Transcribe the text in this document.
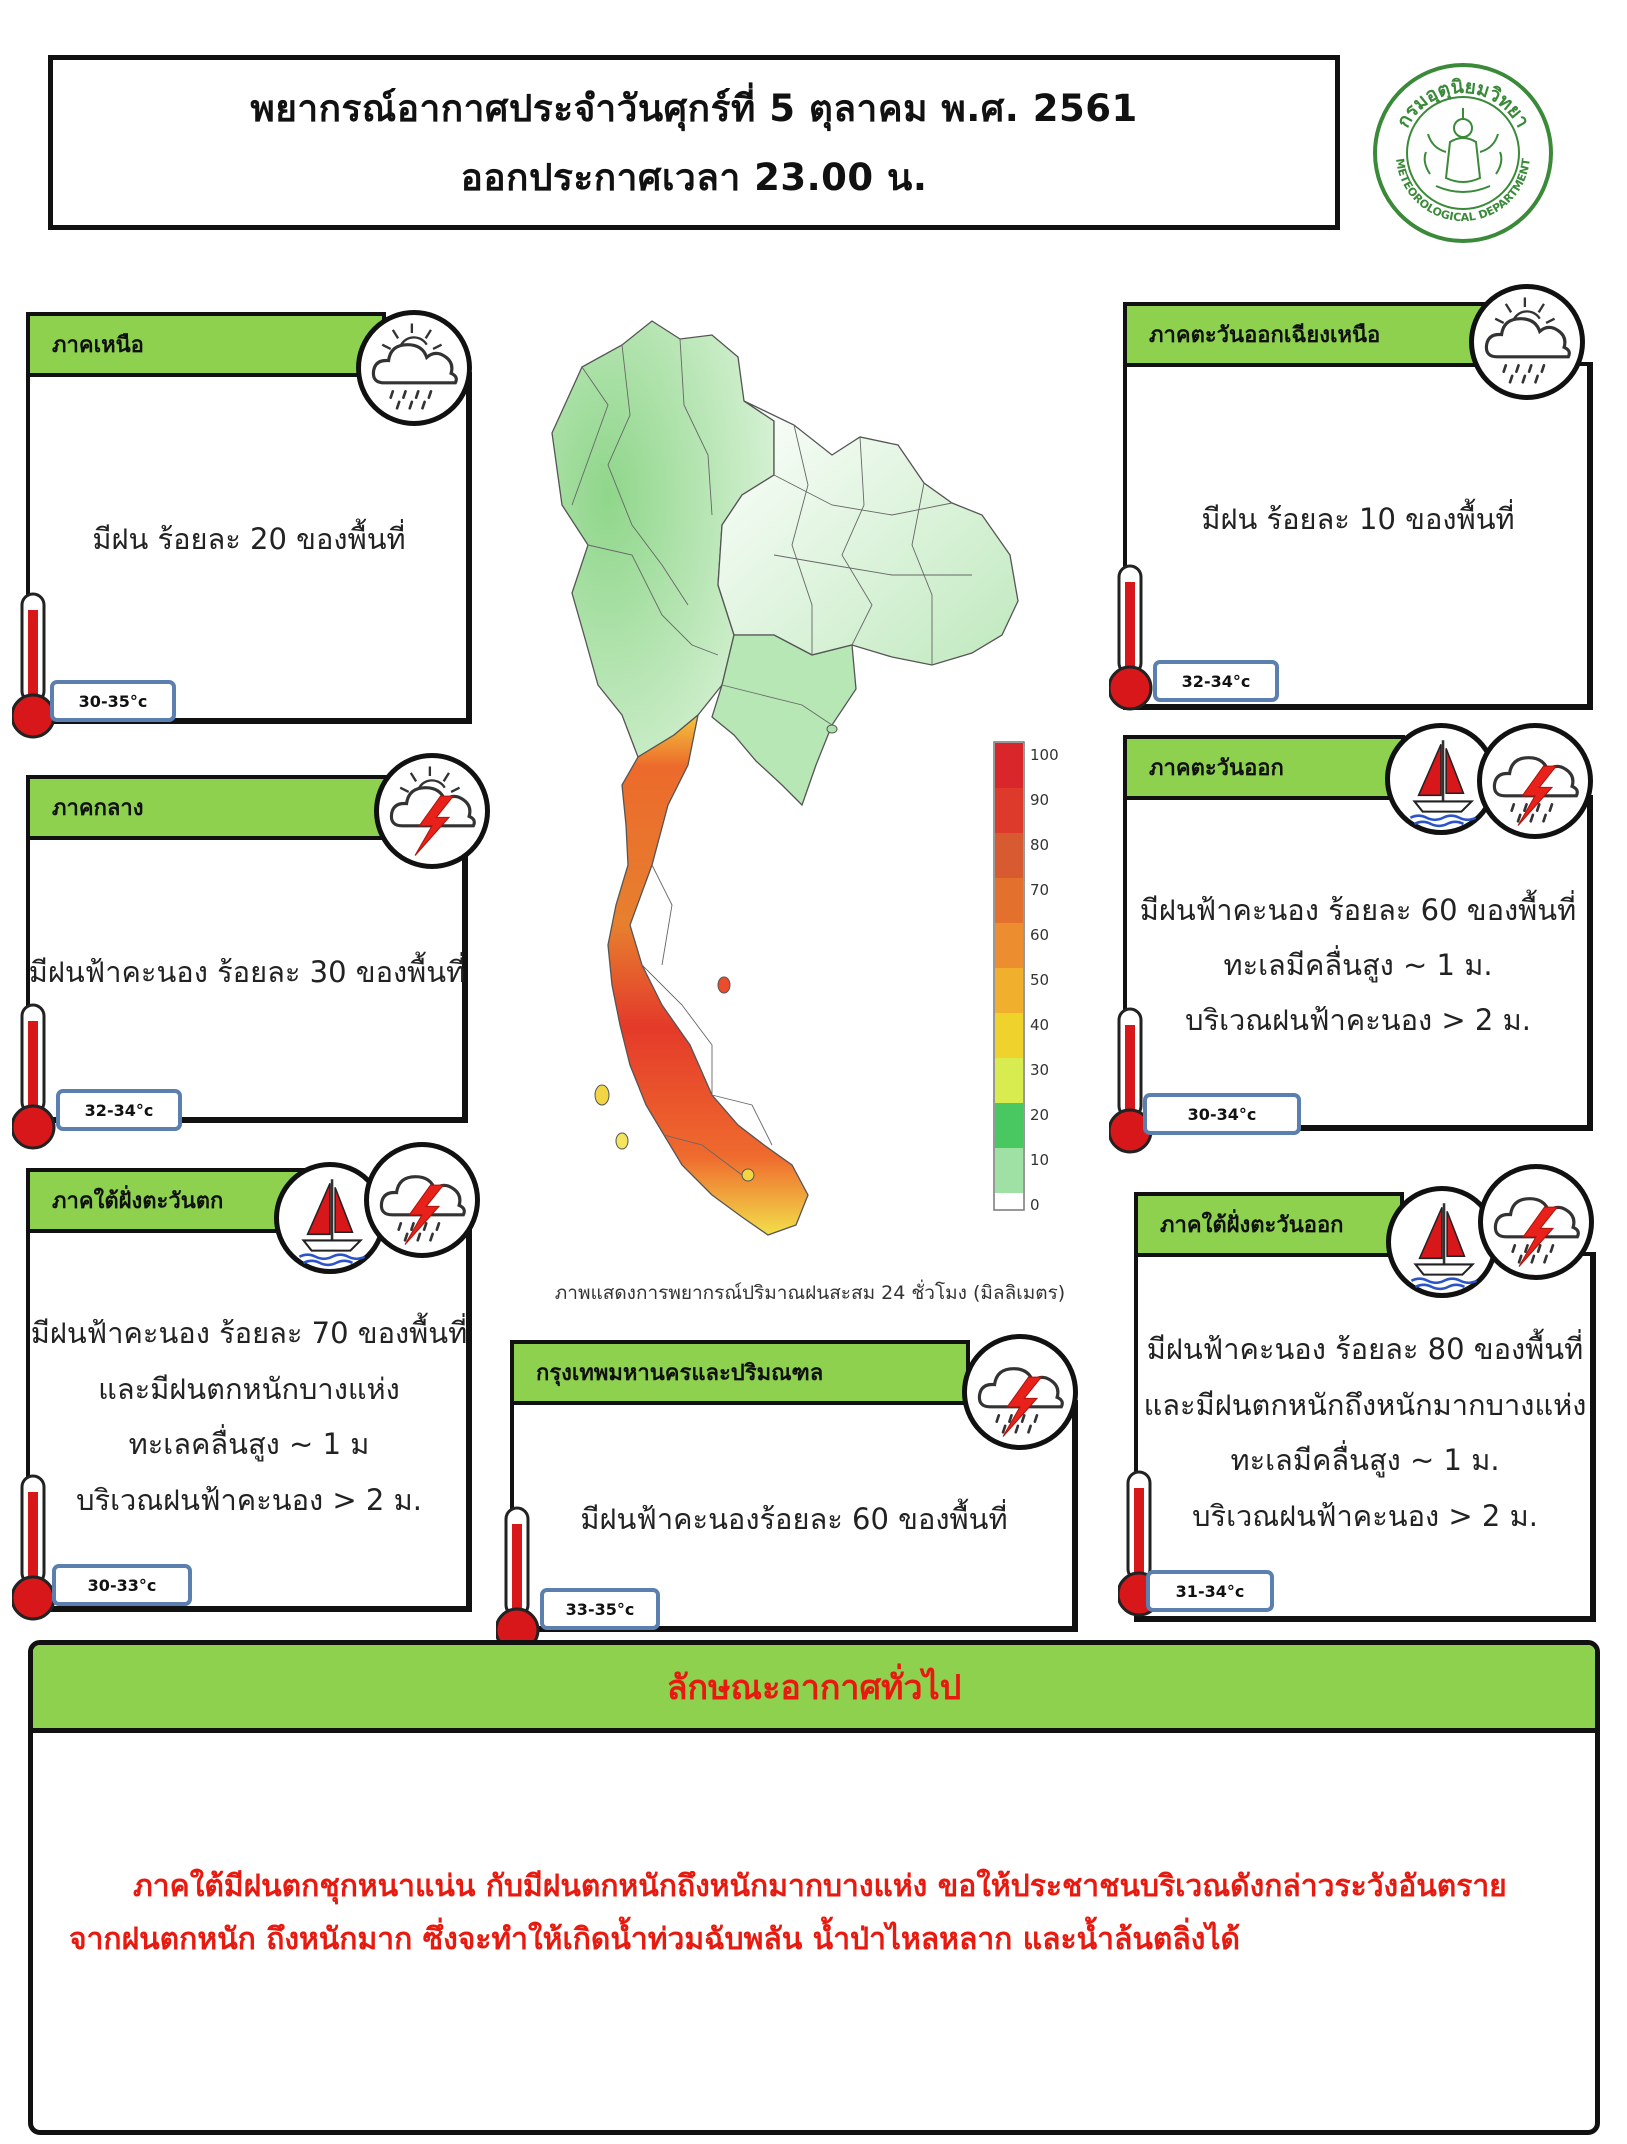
พยากรณ์อากาศประจำวันศุกร์ที่ 5 ตุลาคม พ.ศ. 2561
ออกประกาศเวลา 23.00 น.
กรมอุตุนิยมวิทยา
METEOROLOGICAL DEPARTMENT
ภาคเหนือ
มีฝน ร้อยละ 20 ของพื้นที่
30-35°c
ภาคตะวันออกเฉียงเหนือ
มีฝน ร้อยละ 10 ของพื้นที่
32-34°c
ภาคกลาง
มีฝนฟ้าคะนอง ร้อยละ 30 ของพื้นที่
32-34°c
ภาคตะวันออก
มีฝนฟ้าคะนอง ร้อยละ 60 ของพื้นที่
ทะเลมีคลื่นสูง ~ 1 ม.
บริเวณฝนฟ้าคะนอง > 2 ม.
30-34°c
ภาคใต้ฝั่งตะวันตก
มีฝนฟ้าคะนอง ร้อยละ 70 ของพื้นที่
และมีฝนตกหนักบางแห่ง
ทะเลคลื่นสูง ~ 1 ม
บริเวณฝนฟ้าคะนอง > 2 ม.
30-33°c
กรุงเทพมหานครและปริมณฑล
มีฝนฟ้าคะนองร้อยละ 60 ของพื้นที่
33-35°c
ภาคใต้ฝั่งตะวันออก
มีฝนฟ้าคะนอง ร้อยละ 80 ของพื้นที่
และมีฝนตกหนักถึงหนักมากบางแห่ง
ทะเลมีคลื่นสูง ~ 1 ม.
บริเวณฝนฟ้าคะนอง > 2 ม.
31-34°c
100
90
80
70
60
50
40
30
20
10
0
ภาพแสดงการพยากรณ์ปริมาณฝนสะสม 24 ชั่วโมง (มิลลิเมตร)
ลักษณะอากาศทั่วไป
ภาคใต้มีฝนตกชุกหนาแน่น กับมีฝนตกหนักถึงหนักมากบางแห่ง ขอให้ประชาชนบริเวณดังกล่าวระวังอันตราย
จากฝนตกหนัก ถึงหนักมาก ซึ่งจะทำให้เกิดน้ำท่วมฉับพลัน น้ำป่าไหลหลาก และน้ำล้นตลิ่งได้
